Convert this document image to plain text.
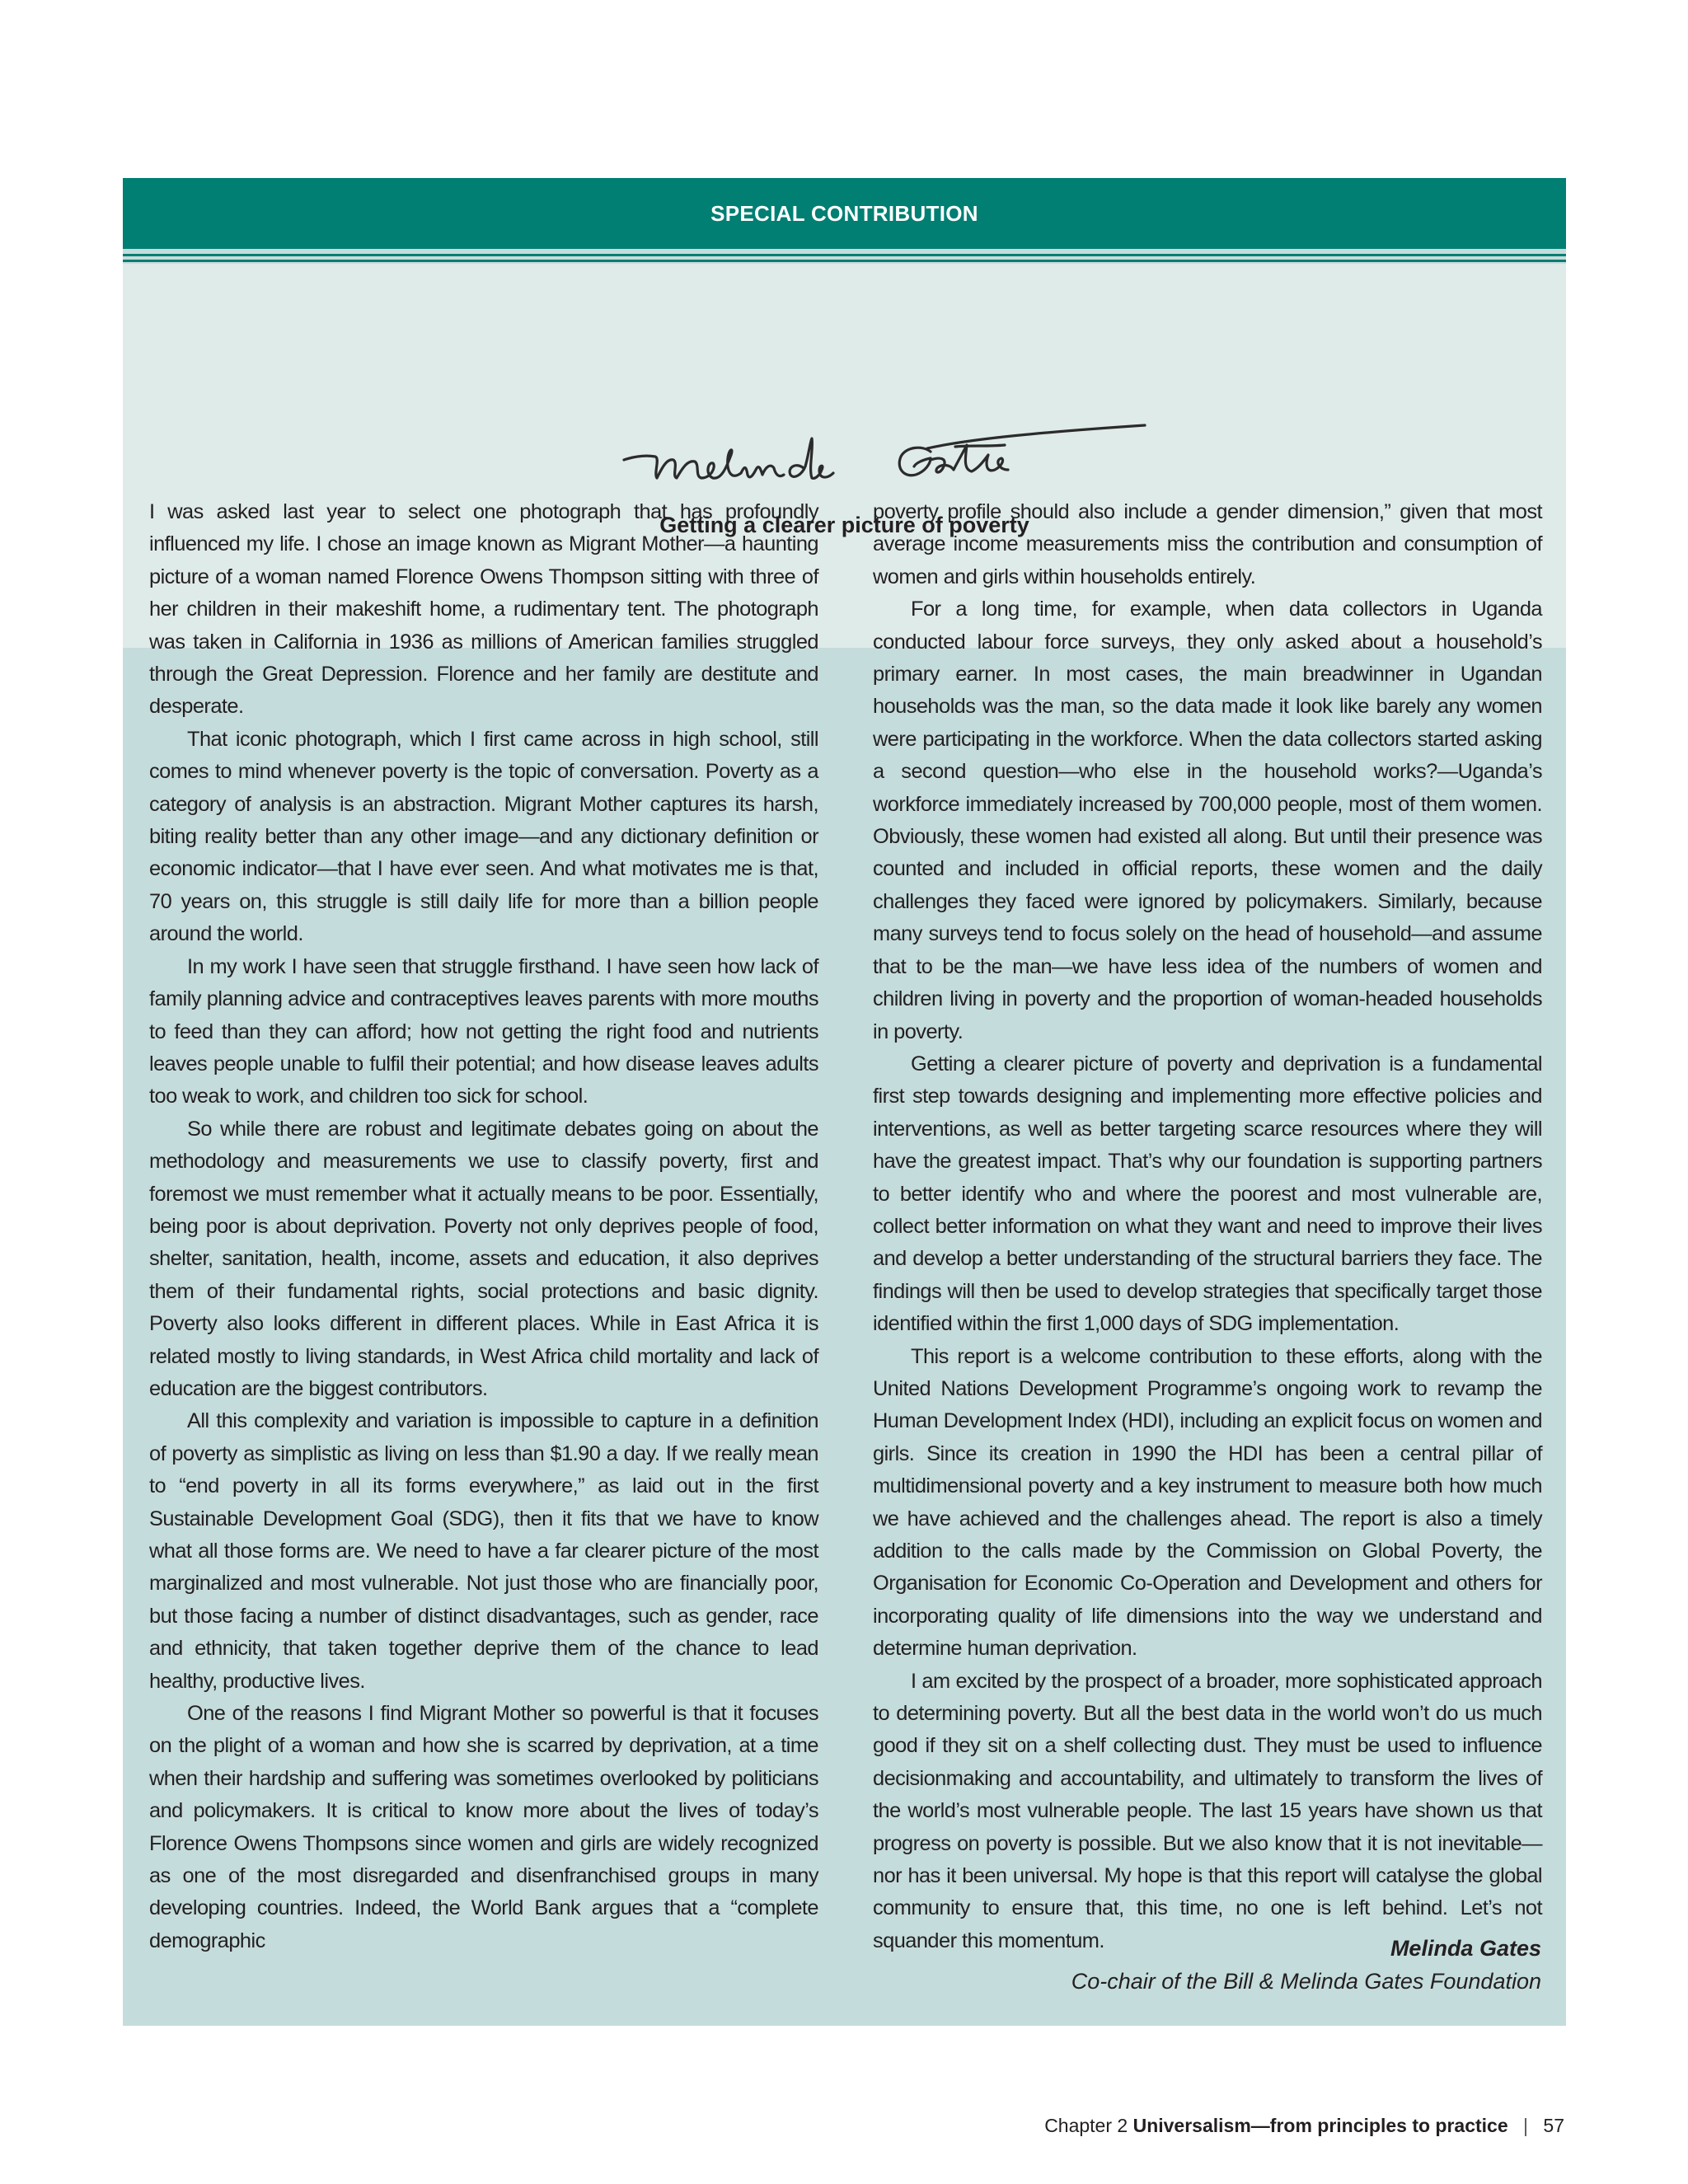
SPECIAL CONTRIBUTION
Getting a clearer picture of poverty

I was asked last year to select one photograph that has profoundly influenced my life. I chose an image known as Migrant Mother—a haunting picture of a woman named Florence Owens Thompson sitting with three of her children in their makeshift home, a rudimentary tent. The photograph was taken in California in 1936 as millions of American families struggled through the Great Depression. Florence and her family are destitute and desperate.

That iconic photograph, which I first came across in high school, still comes to mind whenever poverty is the topic of conversation. Poverty as a category of analysis is an abstraction. Migrant Mother captures its harsh, biting reality better than any other image—and any dictionary definition or economic indicator—that I have ever seen. And what motivates me is that, 70 years on, this struggle is still daily life for more than a billion people around the world.

In my work I have seen that struggle firsthand. I have seen how lack of family planning advice and contraceptives leaves parents with more mouths to feed than they can afford; how not getting the right food and nutrients leaves people unable to fulfil their potential; and how disease leaves adults too weak to work, and children too sick for school.

So while there are robust and legitimate debates going on about the methodology and measurements we use to classify poverty, first and foremost we must remember what it actually means to be poor. Essentially, being poor is about deprivation. Poverty not only deprives people of food, shelter, sanitation, health, income, assets and education, it also deprives them of their fundamental rights, social protections and basic dignity. Poverty also looks different in different places. While in East Africa it is related mostly to living standards, in West Africa child mortality and lack of education are the biggest contributors.

All this complexity and variation is impossible to capture in a definition of poverty as simplistic as living on less than $1.90 a day. If we really mean to “end poverty in all its forms everywhere,” as laid out in the first Sustainable Development Goal (SDG), then it fits that we have to know what all those forms are. We need to have a far clearer picture of the most marginalized and most vulnerable. Not just those who are financially poor, but those facing a number of distinct disadvantages, such as gender, race and ethnicity, that taken together deprive them of the chance to lead healthy, productive lives.

One of the reasons I find Migrant Mother so powerful is that it focuses on the plight of a woman and how she is scarred by deprivation, at a time when their hardship and suffering was sometimes overlooked by politicians and policymakers. It is critical to know more about the lives of today’s Florence Owens Thompsons since women and girls are widely recognized as one of the most disregarded and disenfranchised groups in many developing countries. Indeed, the World Bank argues that a “complete demographic

poverty profile should also include a gender dimension,” given that most average income measurements miss the contribution and consumption of women and girls within households entirely.

For a long time, for example, when data collectors in Uganda conducted labour force surveys, they only asked about a household’s primary earner. In most cases, the main breadwinner in Ugandan households was the man, so the data made it look like barely any women were participating in the workforce. When the data collectors started asking a second question—who else in the household works?—Uganda’s workforce immediately increased by 700,000 people, most of them women. Obviously, these women had existed all along. But until their presence was counted and included in official reports, these women and the daily challenges they faced were ignored by policymakers. Similarly, because many surveys tend to focus solely on the head of household—and assume that to be the man—we have less idea of the numbers of women and children living in poverty and the proportion of woman-headed households in poverty.

Getting a clearer picture of poverty and deprivation is a fundamental first step towards designing and implementing more effective policies and interventions, as well as better targeting scarce resources where they will have the greatest impact. That’s why our foundation is supporting partners to better identify who and where the poorest and most vulnerable are, collect better information on what they want and need to improve their lives and develop a better understanding of the structural barriers they face. The findings will then be used to develop strategies that specifically target those identified within the first 1,000 days of SDG implementation.

This report is a welcome contribution to these efforts, along with the United Nations Development Programme’s ongoing work to revamp the Human Development Index (HDI), including an explicit focus on women and girls. Since its creation in 1990 the HDI has been a central pillar of multidimensional poverty and a key instrument to measure both how much we have achieved and the challenges ahead. The report is also a timely addition to the calls made by the Commission on Global Poverty, the Organisation for Economic Co-Operation and Development and others for incorporating quality of life dimensions into the way we understand and determine human deprivation.

I am excited by the prospect of a broader, more sophisticated approach to determining poverty. But all the best data in the world won’t do us much good if they sit on a shelf collecting dust. They must be used to influence decisionmaking and accountability, and ultimately to transform the lives of the world’s most vulnerable people. The last 15 years have shown us that progress on poverty is possible. But we also know that it is not inevitable—nor has it been universal. My hope is that this report will catalyse the global community to ensure that, this time, no one is left behind. Let’s not squander this momentum.	Melinda Gates
Co-chair of the Bill & Melinda Gates Foundation
Chapter 2 Universalism—from principles to practice | 57
